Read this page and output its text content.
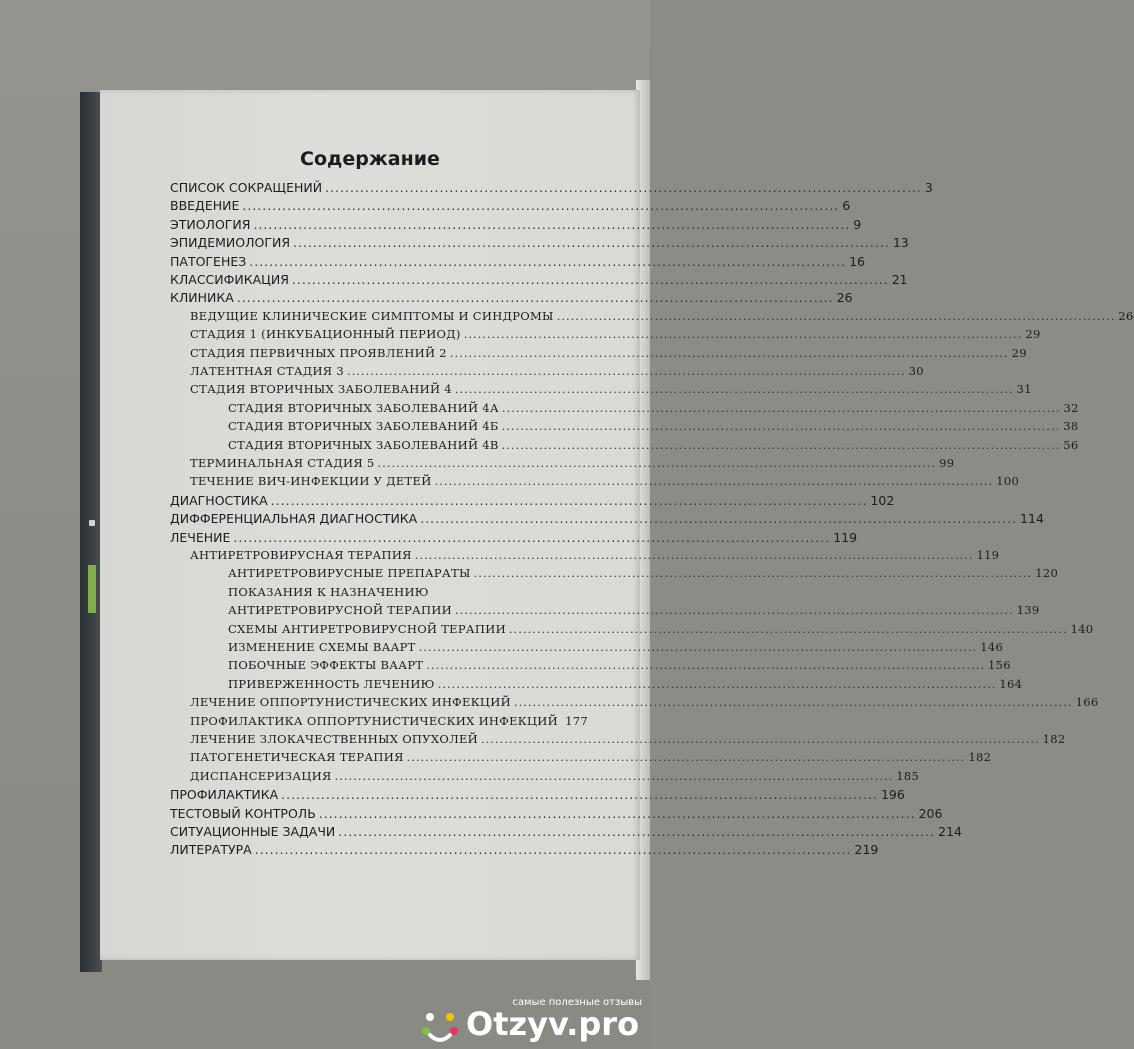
Содержание
СПИСОК СОКРАЩЕНИЙ ........................................................................................................................ 3
ВВЕДЕНИЕ ........................................................................................................................ 6
ЭТИОЛОГИЯ ........................................................................................................................ 9
ЭПИДЕМИОЛОГИЯ ........................................................................................................................ 13
ПАТОГЕНЕЗ ........................................................................................................................ 16
КЛАССИФИКАЦИЯ ........................................................................................................................ 21
КЛИНИКА ........................................................................................................................ 26
ВЕДУЩИЕ КЛИНИЧЕСКИЕ СИМПТОМЫ И СИНДРОМЫ ........................................................................................................................ 26
СТАДИЯ 1 (ИНКУБАЦИОННЫЙ ПЕРИОД) ........................................................................................................................ 29
СТАДИЯ ПЕРВИЧНЫХ ПРОЯВЛЕНИЙ 2 ........................................................................................................................ 29
ЛАТЕНТНАЯ СТАДИЯ 3 ........................................................................................................................ 30
СТАДИЯ ВТОРИЧНЫХ ЗАБОЛЕВАНИЙ 4 ........................................................................................................................ 31
СТАДИЯ ВТОРИЧНЫХ ЗАБОЛЕВАНИЙ 4А ........................................................................................................................ 32
СТАДИЯ ВТОРИЧНЫХ ЗАБОЛЕВАНИЙ 4Б ........................................................................................................................ 38
СТАДИЯ ВТОРИЧНЫХ ЗАБОЛЕВАНИЙ 4В ........................................................................................................................ 56
ТЕРМИНАЛЬНАЯ СТАДИЯ 5 ........................................................................................................................ 99
ТЕЧЕНИЕ ВИЧ-ИНФЕКЦИИ У ДЕТЕЙ ........................................................................................................................ 100
ДИАГНОСТИКА ........................................................................................................................ 102
ДИФФЕРЕНЦИАЛЬНАЯ ДИАГНОСТИКА ........................................................................................................................ 114
ЛЕЧЕНИЕ ........................................................................................................................ 119
АНТИРЕТРОВИРУСНАЯ ТЕРАПИЯ ........................................................................................................................ 119
АНТИРЕТРОВИРУСНЫЕ ПРЕПАРАТЫ ........................................................................................................................ 120
ПОКАЗАНИЯ К НАЗНАЧЕНИЮ
АНТИРЕТРОВИРУСНОЙ ТЕРАПИИ ........................................................................................................................ 139
СХЕМЫ АНТИРЕТРОВИРУСНОЙ ТЕРАПИИ ........................................................................................................................ 140
ИЗМЕНЕНИЕ СХЕМЫ ВААРТ ........................................................................................................................ 146
ПОБОЧНЫЕ ЭФФЕКТЫ ВААРТ ........................................................................................................................ 156
ПРИВЕРЖЕННОСТЬ ЛЕЧЕНИЮ ........................................................................................................................ 164
ЛЕЧЕНИЕ ОППОРТУНИСТИЧЕСКИХ ИНФЕКЦИЙ ........................................................................................................................ 166
ПРОФИЛАКТИКА ОППОРТУНИСТИЧЕСКИХ ИНФЕКЦИЙ 177
ЛЕЧЕНИЕ ЗЛОКАЧЕСТВЕННЫХ ОПУХОЛЕЙ ........................................................................................................................ 182
ПАТОГЕНЕТИЧЕСКАЯ ТЕРАПИЯ ........................................................................................................................ 182
ДИСПАНСЕРИЗАЦИЯ ........................................................................................................................ 185
ПРОФИЛАКТИКА ........................................................................................................................ 196
ТЕСТОВЫЙ КОНТРОЛЬ ........................................................................................................................ 206
СИТУАЦИОННЫЕ ЗАДАЧИ ........................................................................................................................ 214
ЛИТЕРАТУРА ........................................................................................................................ 219
самые полезные отзывы
Otzyv.pro
